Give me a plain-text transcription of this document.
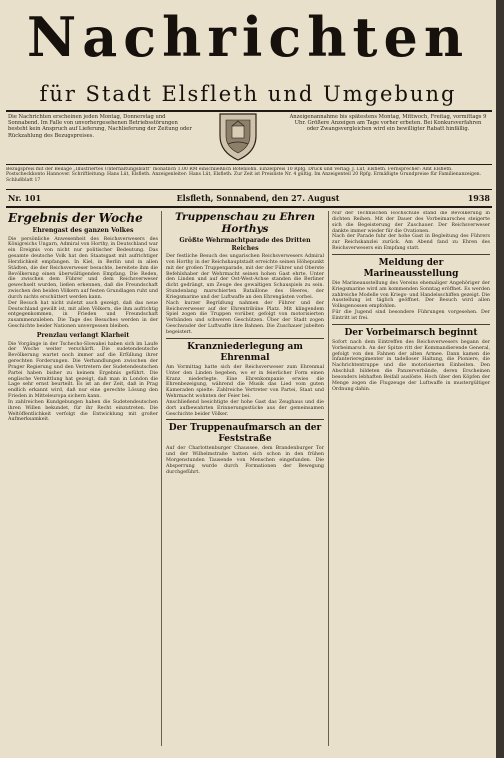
Nachrichten
für Stadt Elsfleth und Umgebung
Die Nachrichten erscheinen jeden Montag, Donnerstag und Sonnabend. Im Falle von unvorhergesehenen Betriebsstörungen besteht kein Anspruch auf Lieferung, Nachlieferung der Zeitung oder Rückzahlung des Bezugspreises.
Anzeigenannahme bis spätestens Montag, Mittwoch, Freitag, vormittags 9 Uhr. Größere Anzeigen am Tage vorher erbeten. Bei Konkursverfahren oder Zwangsvergleichen wird ein bewilligter Rabatt hinfällig.
Bezugspreis mit der Beilage „Illustriertes Unterhaltungsblatt“ monatlich 1.00 RM einschließlich Botenlohn. Einzelpreis 10 Rpfg. Druck und Verlag: J. Lüt, Elsfleth. Fernsprecher: Amt Elsfleth. Postscheckkonto Hannover. Schriftleitung: Hans Lüt, Elsfleth. Anzeigenleiter: Hans Lüt, Elsfleth. Zur Zeit ist Preisliste Nr. 4 gültig. Im Anzeigenteil 20 Rpfg. Ermäßigte Grundpreise für Familienanzeigen. Schlußblatt 17
Nr. 101	Elsfleth, Sonnabend, den 27. August	1938
Ergebnis der Woche
Ehrengast des ganzen Volkes

Die persönliche Anwesenheit des Reichsverwesers des Königreichs Ungarn, Admiral von Horthy, in Deutschland war ein Ereignis von nicht nur politischer Bedeutung. Das gesamte deutsche Volk hat den Staatsgast mit aufrichtiger Herzlichkeit empfangen. In Kiel, in Berlin und in allen Städten, die der Reichsverweser besuchte, bereitete ihm die Bevölkerung einen überwältigenden Empfang. Die Reden, die zwischen dem Führer und dem Reichsverweser gewechselt wurden, ließen erkennen, daß die Freundschaft zwischen den beiden Völkern auf festen Grundlagen ruht und durch nichts erschüttert werden kann.

Der Besuch hat nicht zuletzt auch gezeigt, daß das neue Deutschland gewillt ist, mit allen Völkern, die ihm aufrichtig entgegenkommen, in Frieden und Freundschaft zusammenzuleben. Die Tage des Besuches werden in der Geschichte beider Nationen unvergessen bleiben.

Prenzlau verlangt Klarheit

Die Vorgänge in der Tschecho-Slowakei haben sich im Laufe der Woche weiter verschärft. Die sudetendeutsche Bevölkerung wartet noch immer auf die Erfüllung ihrer gerechten Forderungen. Die Verhandlungen zwischen der Prager Regierung und den Vertretern der Sudetendeutschen Partei haben bisher zu keinem Ergebnis geführt. Die englische Vermittlung hat gezeigt, daß man in London die Lage sehr ernst beurteilt. Es ist an der Zeit, daß in Prag endlich erkannt wird, daß nur eine gerechte Lösung den Frieden in Mitteleuropa sichern kann.

In zahlreichen Kundgebungen haben die Sudetendeutschen ihren Willen bekundet, für ihr Recht einzutreten. Die Weltöffentlichkeit verfolgt die Entwicklung mit großer Aufmerksamkeit.

Truppenschau zu Ehren Horthys
Größte Wehrmachtparade des Dritten Reiches

Der festliche Besuch des ungarischen Reichsverwesers Admiral von Horthy in der Reichshauptstadt erreichte seinen Höhepunkt mit der großen Truppenparade, mit der der Führer und Oberste Befehlshaber der Wehrmacht seinen hohen Gast ehrte. Unter den Linden und auf der Ost-West-Achse standen die Berliner dicht gedrängt, um Zeuge des gewaltigen Schauspiels zu sein. Stundenlang marschierten Bataillone des Heeres, der Kriegsmarine und der Luftwaffe an den Ehrengästen vorbei.

Nach kurzer Begrüßung nahmen der Führer und der Reichsverweser auf der Ehrentribüne Platz. Mit klingendem Spiel zogen die Truppen vorüber, gefolgt von motorisierten Verbänden und schweren Geschützen. Über der Stadt zogen Geschwader der Luftwaffe ihre Bahnen. Die Zuschauer jubelten begeistert.

Kranzniederlegung am Ehrenmal

Am Vormittag hatte sich der Reichsverweser zum Ehrenmal Unter den Linden begeben, wo er in feierlicher Form einen Kranz niederlegte. Eine Ehrenkompanie erwies die Ehrenbezeigung, während die Musik das Lied vom guten Kameraden spielte. Zahlreiche Vertreter von Partei, Staat und Wehrmacht wohnten der Feier bei.

Anschließend besichtigte der hohe Gast das Zeughaus und die dort aufbewahrten Erinnerungsstücke aus der gemeinsamen Geschichte beider Völker.

Der Truppenaufmarsch an der Feststraße

Auf der Charlottenburger Chaussee, dem Brandenburger Tor und der Wilhelmstraße hatten sich schon in den frühen Morgenstunden Tausende von Menschen eingefunden. Die Absperrung wurde durch Formationen der Bewegung durchgeführt.

Nur der Technischen Hochschule stand die Bevölkerung in dichten Reihen. Mit der Dauer des Vorbeimarsches steigerte sich die Begeisterung der Zuschauer. Der Reichsverweser dankte immer wieder für die Ovationen.

Nach der Parade fuhr der hohe Gast in Begleitung des Führers zur Reichskanzlei zurück. Am Abend fand zu Ehren des Reichsverwesers ein Empfang statt.

Meldung der Marineausstellung

Die Marineausstellung des Vereins ehemaliger Angehöriger der Kriegsmarine wird am kommenden Sonntag eröffnet. Es werden zahlreiche Modelle von Kriegs- und Handelsschiffen gezeigt. Die Ausstellung ist täglich geöffnet. Der Besuch wird allen Volksgenossen empfohlen.

Für die Jugend sind besondere Führungen vorgesehen. Der Eintritt ist frei.

Der Vorbeimarsch beginnt

Sofort nach dem Eintreffen des Reichsverwesers begann der Vorbeimarsch. An der Spitze ritt der Kommandierende General, gefolgt von den Fahnen der alten Armee. Dann kamen die Infanterieregimenter in tadelloser Haltung, die Pioniere, die Nachrichtentruppe und die motorisierten Einheiten. Den Abschluß bildeten die Panzerverbände, deren Erscheinen besonders lebhaften Beifall auslöste. Hoch über den Köpfen der Menge zogen die Flugzeuge der Luftwaffe in mustergültiger Ordnung dahin.
